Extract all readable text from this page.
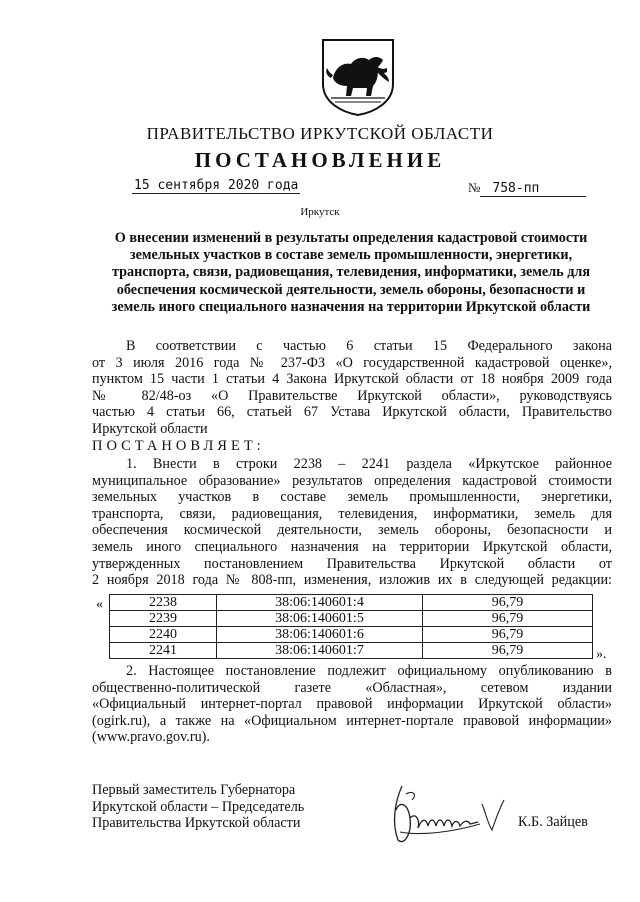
ПРАВИТЕЛЬСТВО ИРКУТСКОЙ ОБЛАСТИ
ПОСТАНОВЛЕНИЕ
15 сентября 2020 года	№ 758-пп
Иркутск
О внесении изменений в результаты определения кадастровой стоимости
земельных участков в составе земель промышленности, энергетики,
транспорта, связи, радиовещания, телевидения, информатики, земель для
обеспечения космической деятельности, земель обороны, безопасности и
земель иного специального назначения на территории Иркутской области
В соответствии с частью 6 статьи 15 Федерального закона
от 3 июля 2016 года № 237-ФЗ «О государственной кадастровой оценке»,
пунктом 15 части 1 статьи 4 Закона Иркутской области от 18 ноября 2009 года
№ 82/48-оз «О Правительстве Иркутской области», руководствуясь
частью 4 статьи 66, статьей 67 Устава Иркутской области, Правительство
Иркутской области
ПОСТАНОВЛЯЕТ:
1. Внести в строки 2238 – 2241 раздела «Иркутское районное
муниципальное образование» результатов определения кадастровой стоимости
земельных участков в составе земель промышленности, энергетики,
транспорта, связи, радиовещания, телевидения, информатики, земель для
обеспечения космической деятельности, земель обороны, безопасности и
земель иного специального назначения на территории Иркутской области,
утвержденных постановлением Правительства Иркутской области от
2 ноября 2018 года № 808-пп, изменения, изложив их в следующей редакции:
«	2238	38:06:140601:4	96,79
2239	38:06:140601:5	96,79
2240	38:06:140601:6	96,79
2241	38:06:140601:7	96,79	».
2. Настоящее постановление подлежит официальному опубликованию в
общественно-политической газете «Областная», сетевом издании
«Официальный интернет-портал правовой информации Иркутской области»
(ogirk.ru), а также на «Официальном интернет-портале правовой информации»
(www.pravo.gov.ru).
Первый заместитель Губернатора
Иркутской области – Председатель
Правительства Иркутской области	К.Б. Зайцев
